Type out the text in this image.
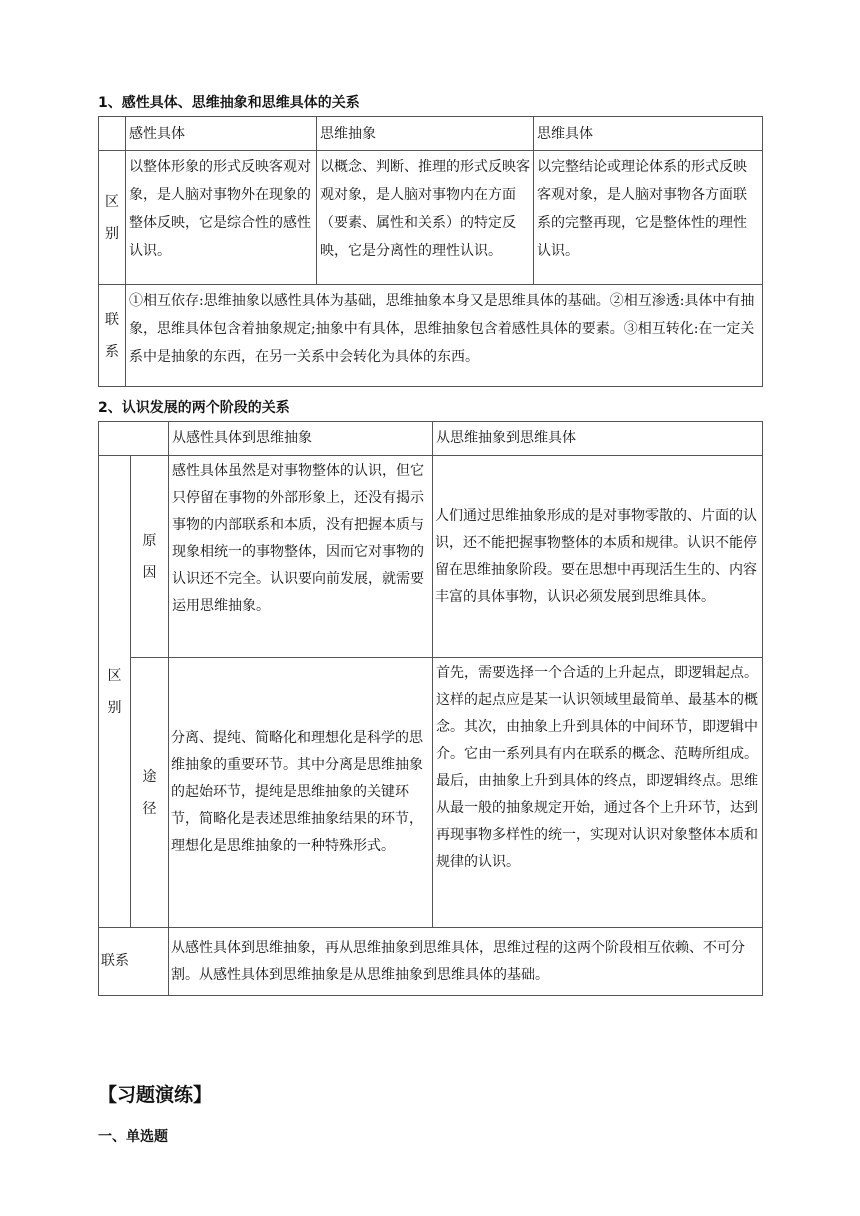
1、感性具体、思维抽象和思维具体的关系
	感性具体	思维抽象	思维具体
区别	以整体形象的形式反映客观对象，是人脑对事物外在现象的整体反映，它是综合性的感性认识。	以概念、判断、推理的形式反映客观对象，是人脑对事物内在方面（要素、属性和关系）的特定反映，它是分离性的理性认识。	以完整结论或理论体系的形式反映客观对象，是人脑对事物各方面联系的完整再现，它是整体性的理性认识。
联系	①相互依存:思维抽象以感性具体为基础，思维抽象本身又是思维具体的基础。②相互渗透:具体中有抽象，思维具体包含着抽象规定;抽象中有具体，思维抽象包含着感性具体的要素。③相互转化:在一定关系中是抽象的东西，在另一关系中会转化为具体的东西。		
2、认识发展的两个阶段的关系
		从感性具体到思维抽象	从思维抽象到思维具体
区别	原因	感性具体虽然是对事物整体的认识，但它只停留在事物的外部形象上，还没有揭示事物的内部联系和本质，没有把握本质与现象相统一的事物整体，因而它对事物的认识还不完全。认识要向前发展，就需要运用思维抽象。	人们通过思维抽象形成的是对事物零散的、片面的认识，还不能把握事物整体的本质和规律。认识不能停留在思维抽象阶段。要在思想中再现活生生的、内容丰富的具体事物，认识必须发展到思维具体。
	途径	分离、提纯、简略化和理想化是科学的思维抽象的重要环节。其中分离是思维抽象的起始环节，提纯是思维抽象的关键环节，简略化是表述思维抽象结果的环节，理想化是思维抽象的一种特殊形式。	首先，需要选择一个合适的上升起点，即逻辑起点。这样的起点应是某一认识领域里最简单、最基本的概念。其次，由抽象上升到具体的中间环节，即逻辑中介。它由一系列具有内在联系的概念、范畴所组成。最后，由抽象上升到具体的终点，即逻辑终点。思维从最一般的抽象规定开始，通过各个上升环节，达到再现事物多样性的统一，实现对认识对象整体本质和规律的认识。
联系		从感性具体到思维抽象，再从思维抽象到思维具体，思维过程的这两个阶段相互依赖、不可分割。从感性具体到思维抽象是从思维抽象到思维具体的基础。	
【习题演练】
一、单选题
